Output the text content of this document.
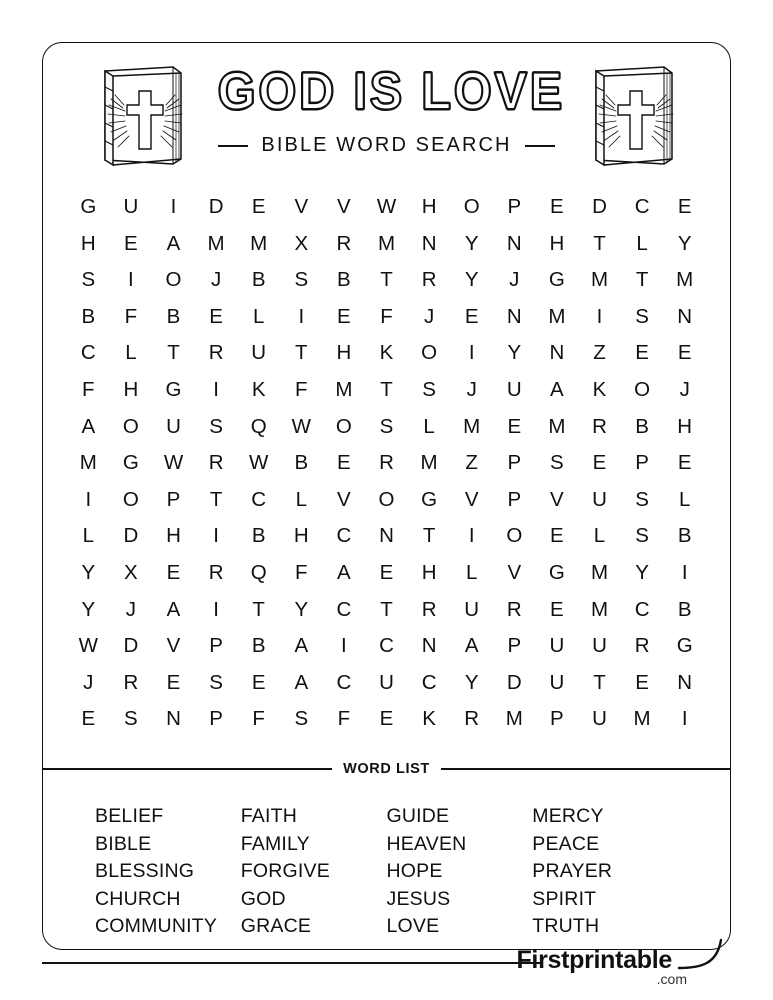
GOD IS LOVE
BIBLE WORD SEARCH
G	U	I	D	E	V	V	W	H	O	P	E	D	C	E
H	E	A	M	M	X	R	M	N	Y	N	H	T	L	Y
S	I	O	J	B	S	B	T	R	Y	J	G	M	T	M
B	F	B	E	L	I	E	F	J	E	N	M	I	S	N
C	L	T	R	U	T	H	K	O	I	Y	N	Z	E	E
F	H	G	I	K	F	M	T	S	J	U	A	K	O	J
A	O	U	S	Q	W	O	S	L	M	E	M	R	B	H
M	G	W	R	W	B	E	R	M	Z	P	S	E	P	E
I	O	P	T	C	L	V	O	G	V	P	V	U	S	L
L	D	H	I	B	H	C	N	T	I	O	E	L	S	B
Y	X	E	R	Q	F	A	E	H	L	V	G	M	Y	I
Y	J	A	I	T	Y	C	T	R	U	R	E	M	C	B
W	D	V	P	B	A	I	C	N	A	P	U	U	R	G
J	R	E	S	E	A	C	U	C	Y	D	U	T	E	N
E	S	N	P	F	S	F	E	K	R	M	P	U	M	I
WORD LIST
BELIEF
BIBLE
BLESSING
CHURCH
COMMUNITY
FAITH
FAMILY
FORGIVE
GOD
GRACE
GUIDE
HEAVEN
HOPE
JESUS
LOVE
MERCY
PEACE
PRAYER
SPIRIT
TRUTH
Firstprintable
.com
